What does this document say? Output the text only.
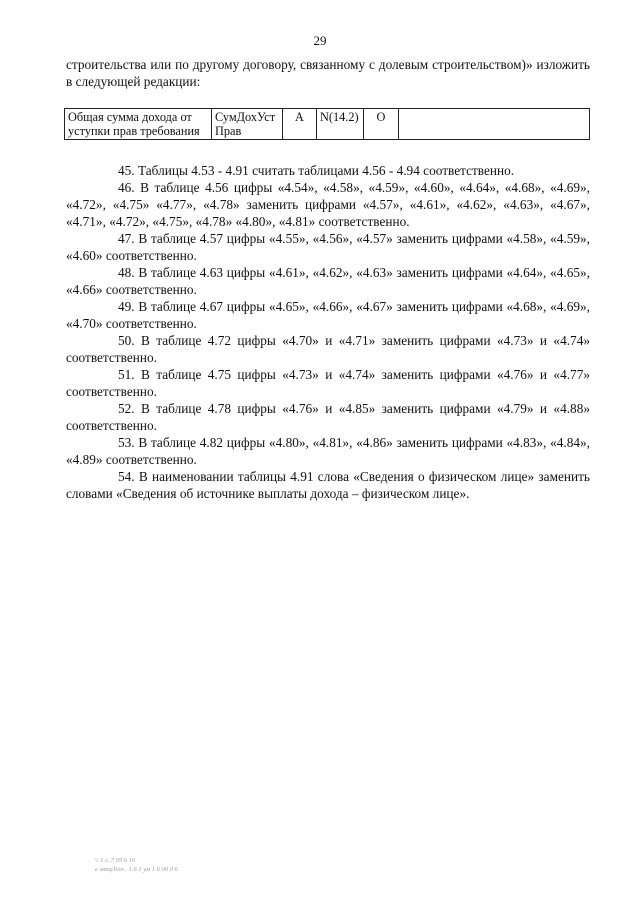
29

строительства или по другому договору, связанному с долевым строительством)» изложить в следующей редакции:

Общая сумма дохода от уступки прав требования	СумДохУст Прав	А	N(14.2)	О	

45. Таблицы 4.53 - 4.91 считать таблицами 4.56 - 4.94 соответственно.

46. В таблице 4.56 цифры «4.54», «4.58», «4.59», «4.60», «4.64», «4.68», «4.69», «4.72», «4.75» «4.77», «4.78» заменить цифрами «4.57», «4.61», «4.62», «4.63», «4.67», «4.71», «4.72», «4.75», «4.78» «4.80», «4.81» соответственно.

47. В таблице 4.57 цифры «4.55», «4.56», «4.57» заменить цифрами «4.58», «4.59», «4.60» соответственно.

48. В таблице 4.63 цифры «4.61», «4.62», «4.63» заменить цифрами «4.64», «4.65», «4.66» соответственно.

49. В таблице 4.67 цифры «4.65», «4.66», «4.67» заменить цифрами «4.68», «4.69», «4.70» соответственно.

50. В таблице 4.72 цифры «4.70» и «4.71» заменить цифрами «4.73» и «4.74» соответственно.

51. В таблице 4.75 цифры «4.73» и «4.74» заменить цифрами «4.76» и «4.77» соответственно.

52. В таблице 4.78 цифры «4.76» и «4.85» заменить цифрами «4.79» и «4.88» соответственно.

53. В таблице 4.82 цифры «4.80», «4.81», «4.86» заменить цифрами «4.83», «4.84», «4.89» соответственно.

54. В наименовании таблицы 4.91 слова «Сведения о физическом лице» заменить словами «Сведения об источнике выплаты дохода – физическом лице».

\\ 1 г. 7 05 6 10
e мпщ/lion.. 1.6 1 ум 1 6 00 0 6
